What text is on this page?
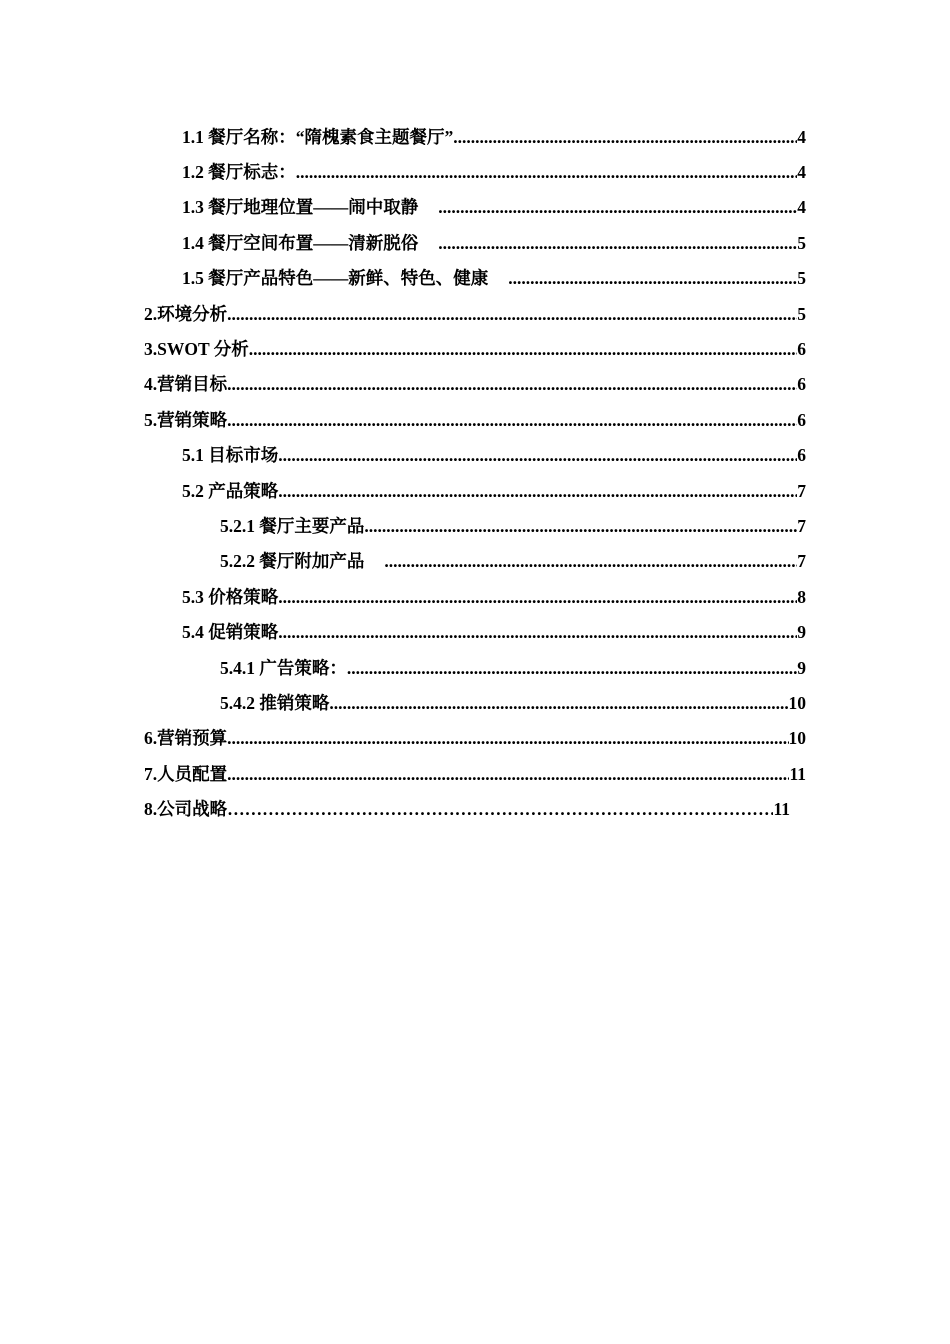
1.1 餐厅名称：“隋槐素食主题餐厅” .....	4
1.2 餐厅标志： .....	4
1.3 餐厅地理位置——闹中取静 .....	4
1.4 餐厅空间布置——清新脱俗 .....	5
1.5 餐厅产品特色——新鲜、特色、健康 .....	5
2.环境分析 .....	5
3.SWOT 分析 .....	6
4.营销目标 .....	6
5.营销策略 .....	6
5.1 目标市场 .....	6
5.2 产品策略 .....	7
5.2.1 餐厅主要产品 .....	7
5.2.2 餐厅附加产品 .....	7
5.3 价格策略 .....	8
5.4 促销策略 .....	9
5.4.1 广告策略： .....	9
5.4.2 推销策略 .....	10
6.营销预算 .....	10
7.人员配置 .....	11
8.公司战略 ……………………………………………………………………………………………………………………………………………………………………………………………………………………	11
